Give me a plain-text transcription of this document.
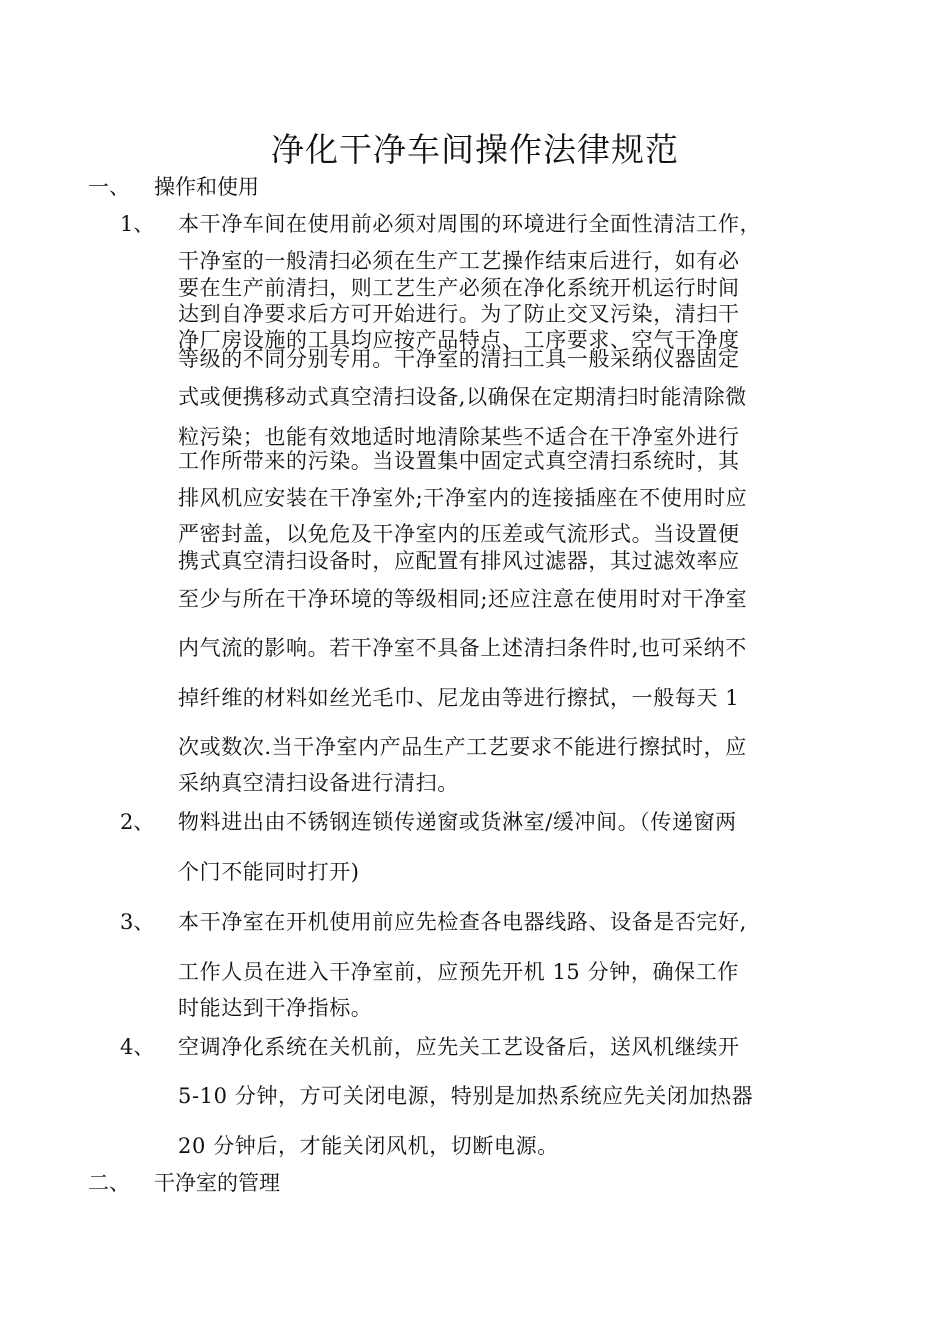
净化干净车间操作法律规范
一、 操作和使用
1、 本干净车间在使用前必须对周围的环境进行全面性清洁工作，
干净室的一般清扫必须在生产工艺操作结束后进行，如有必
要在生产前清扫，则工艺生产必须在净化系统开机运行时间
达到自净要求后方可开始进行。为了防止交叉污染，清扫干
净厂房设施的工具均应按产品特点、工序要求、空气干净度
等级的不同分别专用。干净室的清扫工具一般采纳仪器固定
式或便携移动式真空清扫设备,以确保在定期清扫时能清除微
粒污染；也能有效地适时地清除某些不适合在干净室外进行
工作所带来的污染。当设置集中固定式真空清扫系统时，其
排风机应安装在干净室外;干净室内的连接插座在不使用时应
严密封盖，以免危及干净室内的压差或气流形式。当设置便
携式真空清扫设备时，应配置有排风过滤器，其过滤效率应
至少与所在干净环境的等级相同;还应注意在使用时对干净室
内气流的影响。若干净室不具备上述清扫条件时,也可采纳不
掉纤维的材料如丝光毛巾、尼龙由等进行擦拭，一般每天 1
次或数次.当干净室内产品生产工艺要求不能进行擦拭时，应
采纳真空清扫设备进行清扫。
2、 物料进出由不锈钢连锁传递窗或货淋室/缓冲间。（传递窗两
个门不能同时打开)
3、 本干净室在开机使用前应先检查各电器线路、设备是否完好,
工作人员在进入干净室前，应预先开机 15 分钟，确保工作
时能达到干净指标。
4、 空调净化系统在关机前，应先关工艺设备后，送风机继续开
5-10 分钟，方可关闭电源，特别是加热系统应先关闭加热器
20 分钟后，才能关闭风机，切断电源。
二、 干净室的管理
